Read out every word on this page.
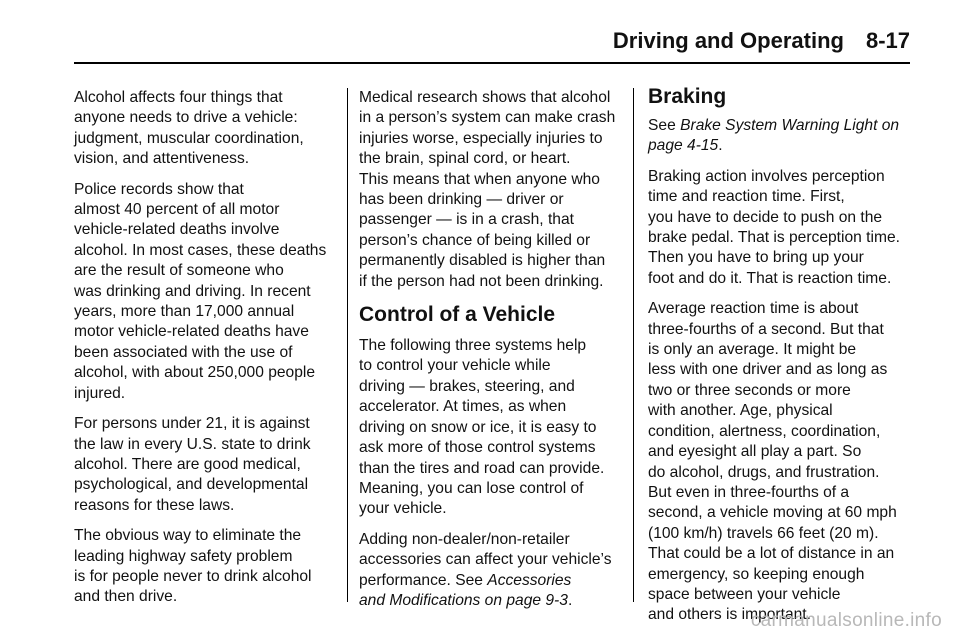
Driving and Operating 8-17

Alcohol affects four things that
anyone needs to drive a vehicle:
judgment, muscular coordination,
vision, and attentiveness.

Police records show that
almost 40 percent of all motor
vehicle-related deaths involve
alcohol. In most cases, these deaths
are the result of someone who
was drinking and driving. In recent
years, more than 17,000 annual
motor vehicle-related deaths have
been associated with the use of
alcohol, with about 250,000 people
injured.

For persons under 21, it is against
the law in every U.S. state to drink
alcohol. There are good medical,
psychological, and developmental
reasons for these laws.

The obvious way to eliminate the
leading highway safety problem
is for people never to drink alcohol
and then drive.

Medical research shows that alcohol
in a person’s system can make crash
injuries worse, especially injuries to
the brain, spinal cord, or heart.
This means that when anyone who
has been drinking — driver or
passenger — is in a crash, that
person’s chance of being killed or
permanently disabled is higher than
if the person had not been drinking.

Control of a Vehicle

The following three systems help
to control your vehicle while
driving — brakes, steering, and
accelerator. At times, as when
driving on snow or ice, it is easy to
ask more of those control systems
than the tires and road can provide.
Meaning, you can lose control of
your vehicle.

Adding non-dealer/non-retailer
accessories can affect your vehicle’s
performance. See Accessories
and Modifications on page 9-3.

Braking

See Brake System Warning Light on
page 4-15.

Braking action involves perception
time and reaction time. First,
you have to decide to push on the
brake pedal. That is perception time.
Then you have to bring up your
foot and do it. That is reaction time.

Average reaction time is about
three-fourths of a second. But that
is only an average. It might be
less with one driver and as long as
two or three seconds or more
with another. Age, physical
condition, alertness, coordination,
and eyesight all play a part. So
do alcohol, drugs, and frustration.
But even in three-fourths of a
second, a vehicle moving at 60 mph
(100 km/h) travels 66 feet (20 m).
That could be a lot of distance in an
emergency, so keeping enough
space between your vehicle
and others is important.

carmanualsonline.info
